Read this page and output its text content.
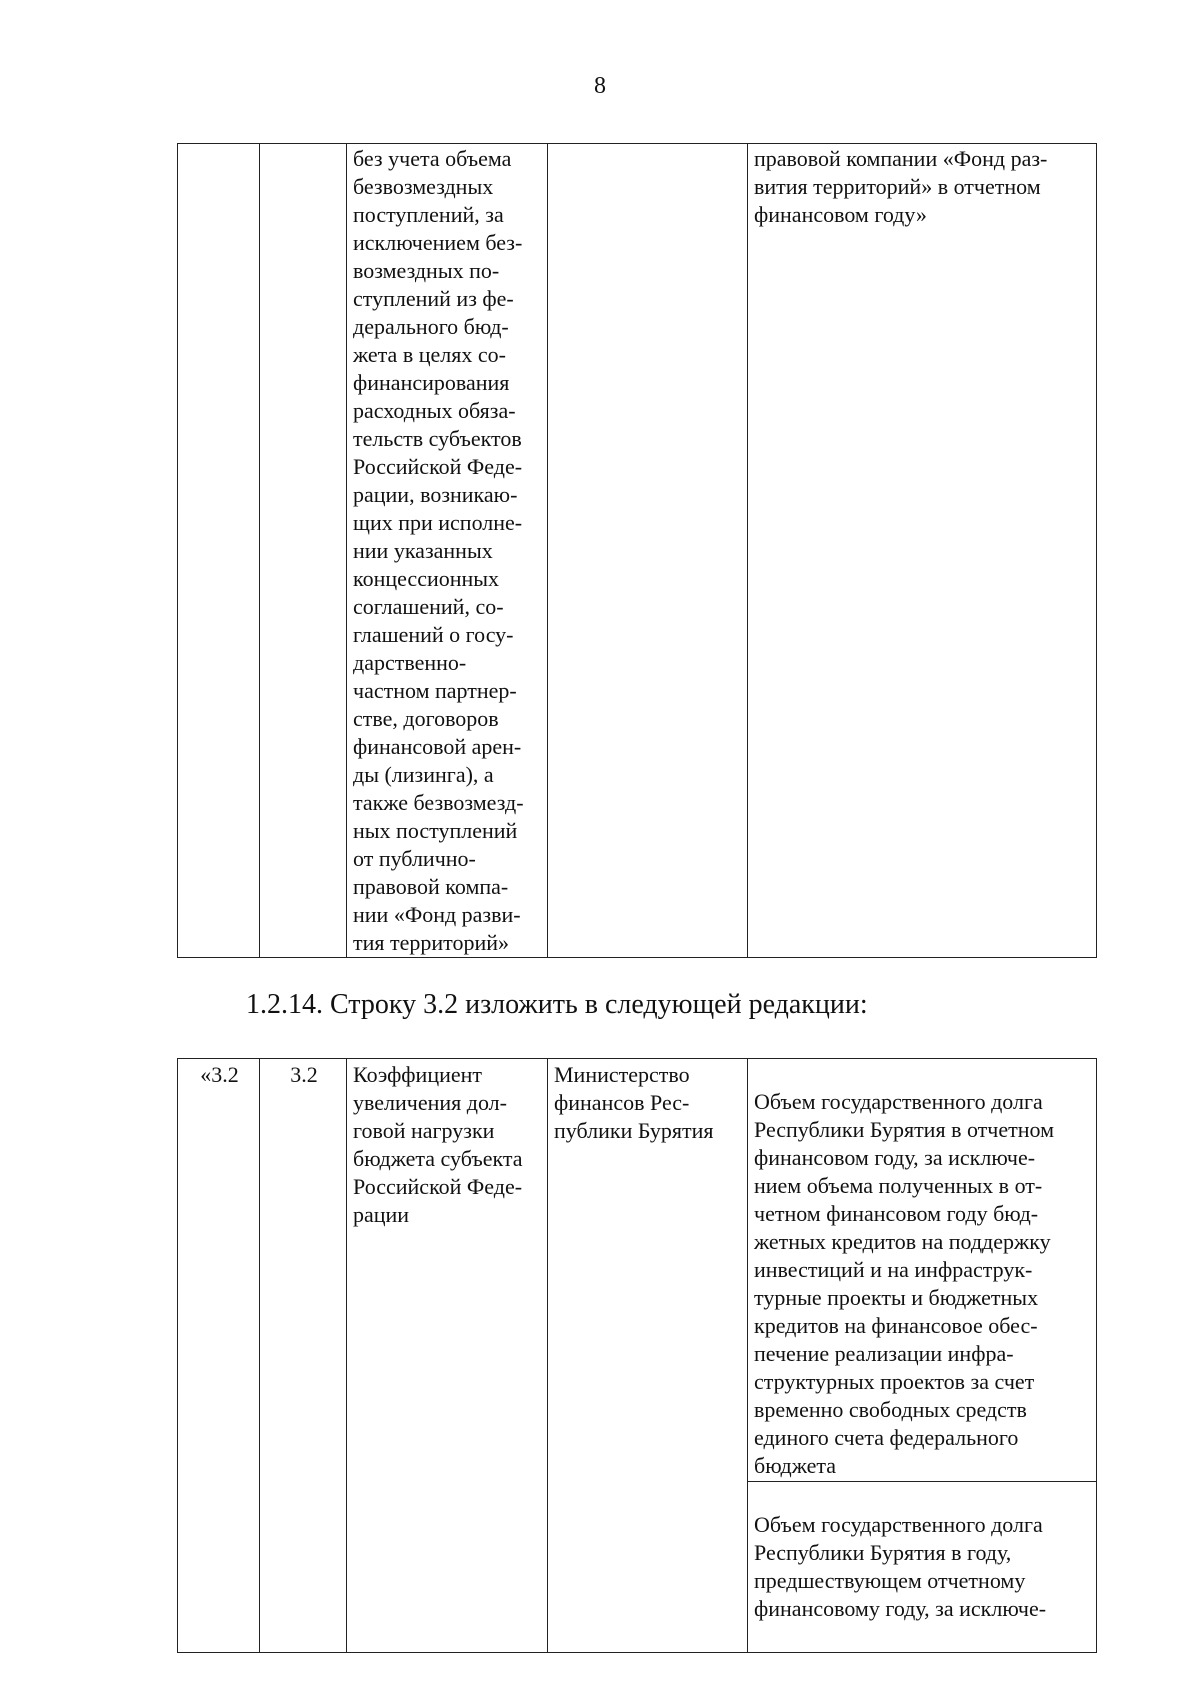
8
		без учета объема
безвозмездных
поступлений, за
исключением без-
возмездных по-
ступлений из фе-
дерального бюд-
жета в целях со-
финансирования
расходных обяза-
тельств субъектов
Российской Феде-
рации, возникаю-
щих при исполне-
нии указанных
концессионных
соглашений, со-
глашений о госу-
дарственно-
частном партнер-
стве, договоров
финансовой арен-
ды (лизинга), а
также безвозмезд-
ных поступлений
от публично-
правовой компа-
нии «Фонд разви-
тия территорий»		правовой компании «Фонд раз-
вития территорий» в отчетном
финансовом году»
1.2.14. Строку 3.2 изложить в следующей редакции:
«3.2	3.2	Коэффициент
увеличения дол-
говой нагрузки
бюджета субъекта
Российской Феде-
рации	Министерство
финансов Рес-
публики Бурятия	

Объем государственного долга
Республики Бурятия в отчетном
финансовом году, за исключе-
нием объема полученных в от-
четном финансовом году бюд-
жетных кредитов на поддержку
инвестиций и на инфраструк-
турные проекты и бюджетных
кредитов на финансовое обес-
печение реализации инфра-
структурных проектов за счет
временно свободных средств
единого счета федерального
бюджета

Объем государственного долга
Республики Бурятия в году,
предшествующем отчетному
финансовому году, за исключе-
